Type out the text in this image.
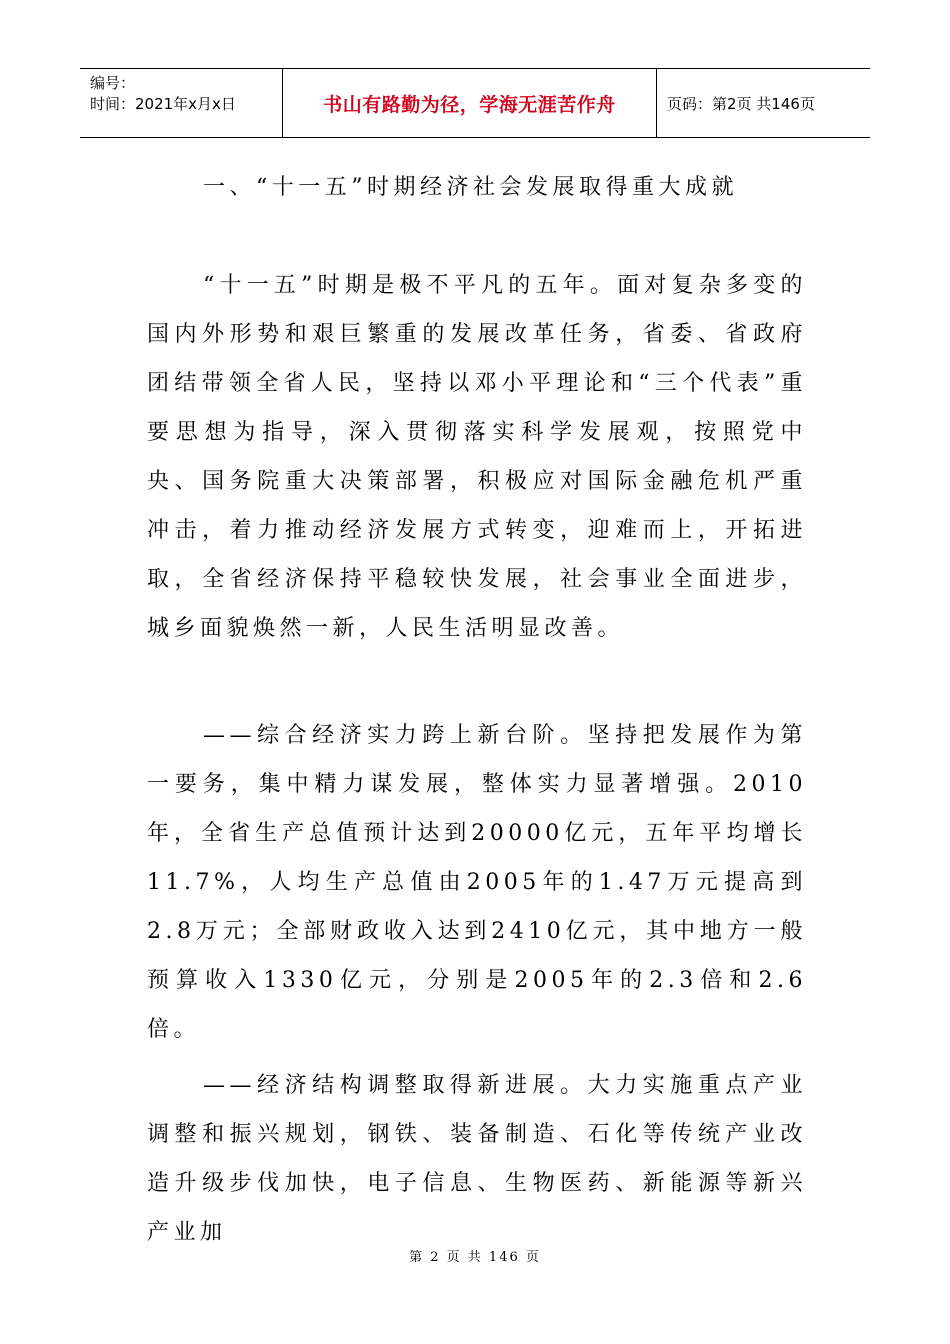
编号：
时间：2021年x月x日	书山有路勤为径，学海无涯苦作舟	页码：第2页 共146页
一、“十一五”时期经济社会发展取得重大成就
“十一五”时期是极不平凡的五年。面对复杂多变的国内外形势和艰巨繁重的发展改革任务，省委、省政府团结带领全省人民，坚持以邓小平理论和“三个代表”重要思想为指导，深入贯彻落实科学发展观，按照党中央、国务院重大决策部署，积极应对国际金融危机严重冲击，着力推动经济发展方式转变，迎难而上，开拓进取，全省经济保持平稳较快发展，社会事业全面进步，城乡面貌焕然一新，人民生活明显改善。
——综合经济实力跨上新台阶。坚持把发展作为第一要务，集中精力谋发展，整体实力显著增强。2010年，全省生产总值预计达到20000亿元，五年平均增长11.7%，人均生产总值由2005年的1.47万元提高到2.8万元；全部财政收入达到2410亿元，其中地方一般预算收入1330亿元，分别是2005年的2.3倍和2.6倍。
——经济结构调整取得新进展。大力实施重点产业调整和振兴规划，钢铁、装备制造、石化等传统产业改造升级步伐加快，电子信息、生物医药、新能源等新兴产业加
第 2 页 共 146 页
